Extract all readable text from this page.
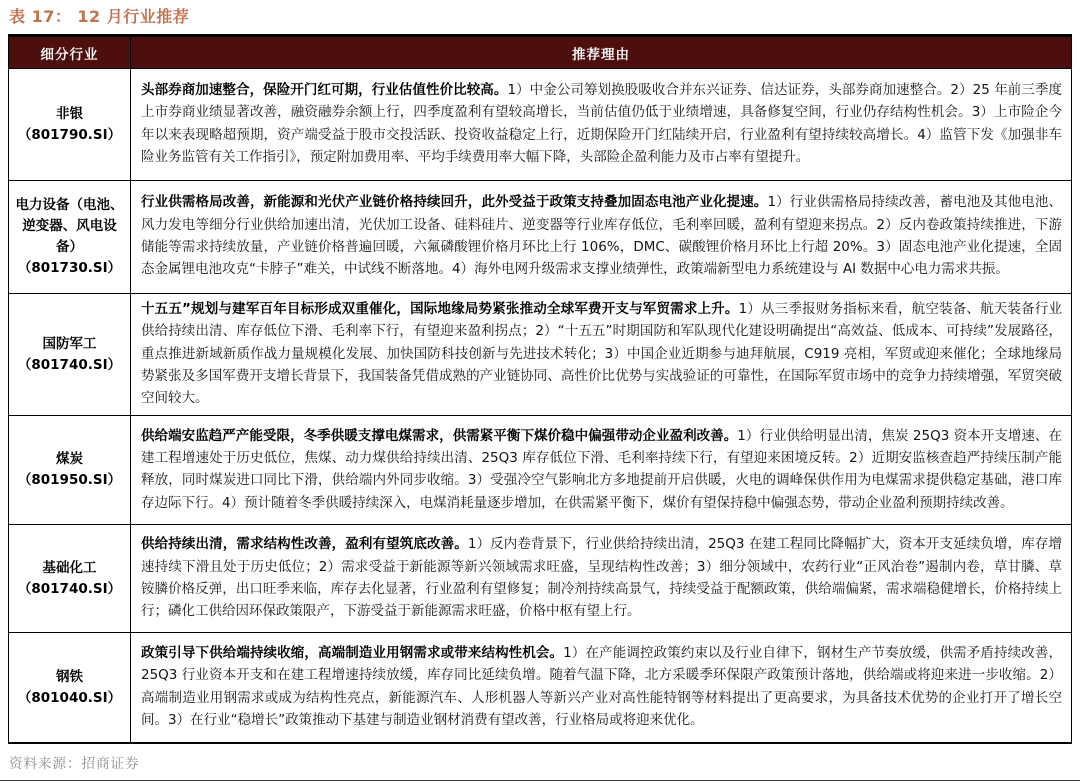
表 17： 12 月行业推荐
细分行业	推荐理由

非银
（801790.SI）	头部券商加速整合，保险开门红可期，行业估值性价比较高。1）中金公司筹划换股吸收合并东兴证券、信达证券，头部券商加速整合。2）25 年前三季度上市券商业绩显著改善，融资融券余额上行，四季度盈利有望较高增长，当前估值仍低于业绩增速，具备修复空间，行业仍存结构性机会。3）上市险企今年以来表现略超预期，资产端受益于股市交投活跃、投资收益稳定上行，近期保险开门红陆续开启，行业盈利有望持续较高增长。4）监管下发《加强非车险业务监管有关工作指引》，预定附加费用率、平均手续费用率大幅下降，头部险企盈利能力及市占率有望提升。

电力设备（电池、逆变器、风电设备）
（801730.SI）	行业供需格局改善，新能源和光伏产业链价格持续回升，此外受益于政策支持叠加固态电池产业化提速。1）行业供需格局持续改善，蓄电池及其他电池、风力发电等细分行业供给加速出清，光伏加工设备、硅料硅片、逆变器等行业库存低位，毛利率回暖，盈利有望迎来拐点。2）反内卷政策持续推进，下游储能等需求持续放量，产业链价格普遍回暖，六氟磷酸锂价格月环比上行 106%，DMC、碳酸锂价格月环比上行超 20%。3）固态电池产业化提速，全固态金属锂电池攻克“卡脖子”难关，中试线不断落地。4）海外电网升级需求支撑业绩弹性，政策端新型电力系统建设与 AI 数据中心电力需求共振。

国防军工
（801740.SI）	十五五”规划与建军百年目标形成双重催化，国际地缘局势紧张推动全球军费开支与军贸需求上升。1）从三季报财务指标来看，航空装备、航天装备行业供给持续出清、库存低位下滑、毛利率下行，有望迎来盈利拐点；2）“十五五”时期国防和军队现代化建设明确提出“高效益、低成本、可持续”发展路径，重点推进新域新质作战力量规模化发展、加快国防科技创新与先进技术转化；3）中国企业近期参与迪拜航展，C919 亮相，军贸或迎来催化；全球地缘局势紧张及多国军费开支增长背景下，我国装备凭借成熟的产业链协同、高性价比优势与实战验证的可靠性，在国际军贸市场中的竞争力持续增强，军贸突破空间较大。

煤炭
（801950.SI）	供给端安监趋严产能受限，冬季供暖支撑电煤需求，供需紧平衡下煤价稳中偏强带动企业盈利改善。1）行业供给明显出清，焦炭 25Q3 资本开支增速、在建工程增速处于历史低位，焦煤、动力煤供给持续出清、25Q3 库存低位下滑、毛利率持续下行，有望迎来困境反转。2）近期安监核查趋严持续压制产能释放，同时煤炭进口同比下滑，供给端内外同步收缩。3）受强冷空气影响北方多地提前开启供暖，火电的调峰保供作用为电煤需求提供稳定基础，港口库存边际下行。4）预计随着冬季供暖持续深入，电煤消耗量逐步增加，在供需紧平衡下，煤价有望保持稳中偏强态势，带动企业盈利预期持续改善。

基础化工
（801740.SI）	供给持续出清，需求结构性改善，盈利有望筑底改善。1）反内卷背景下，行业供给持续出清，25Q3 在建工程同比降幅扩大，资本开支延续负增，库存增速持续下滑且处于历史低位；2）需求受益于新能源等新兴领域需求旺盛，呈现结构性改善；3）细分领域中，农药行业“正风治卷”遏制内卷，草甘膦、草铵膦价格反弹，出口旺季来临，库存去化显著，行业盈利有望修复；制冷剂持续高景气，持续受益于配额政策，供给端偏紧，需求端稳健增长，价格持续上行；磷化工供给因环保政策限产，下游受益于新能源需求旺盛，价格中枢有望上行。

钢铁
（801040.SI）	政策引导下供给端持续收缩，高端制造业用钢需求或带来结构性机会。1）在产能调控政策约束以及行业自律下，钢材生产节奏放缓，供需矛盾持续改善，25Q3 行业资本开支和在建工程增速持续放缓，库存同比延续负增。随着气温下降，北方采暖季环保限产政策预计落地，供给端或将迎来进一步收缩。2）高端制造业用钢需求或成为结构性亮点，新能源汽车、人形机器人等新兴产业对高性能特钢等材料提出了更高要求，为具备技术优势的企业打开了增长空间。3）在行业“稳增长”政策推动下基建与制造业钢材消费有望改善，行业格局或将迎来优化。
资料来源：招商证券
